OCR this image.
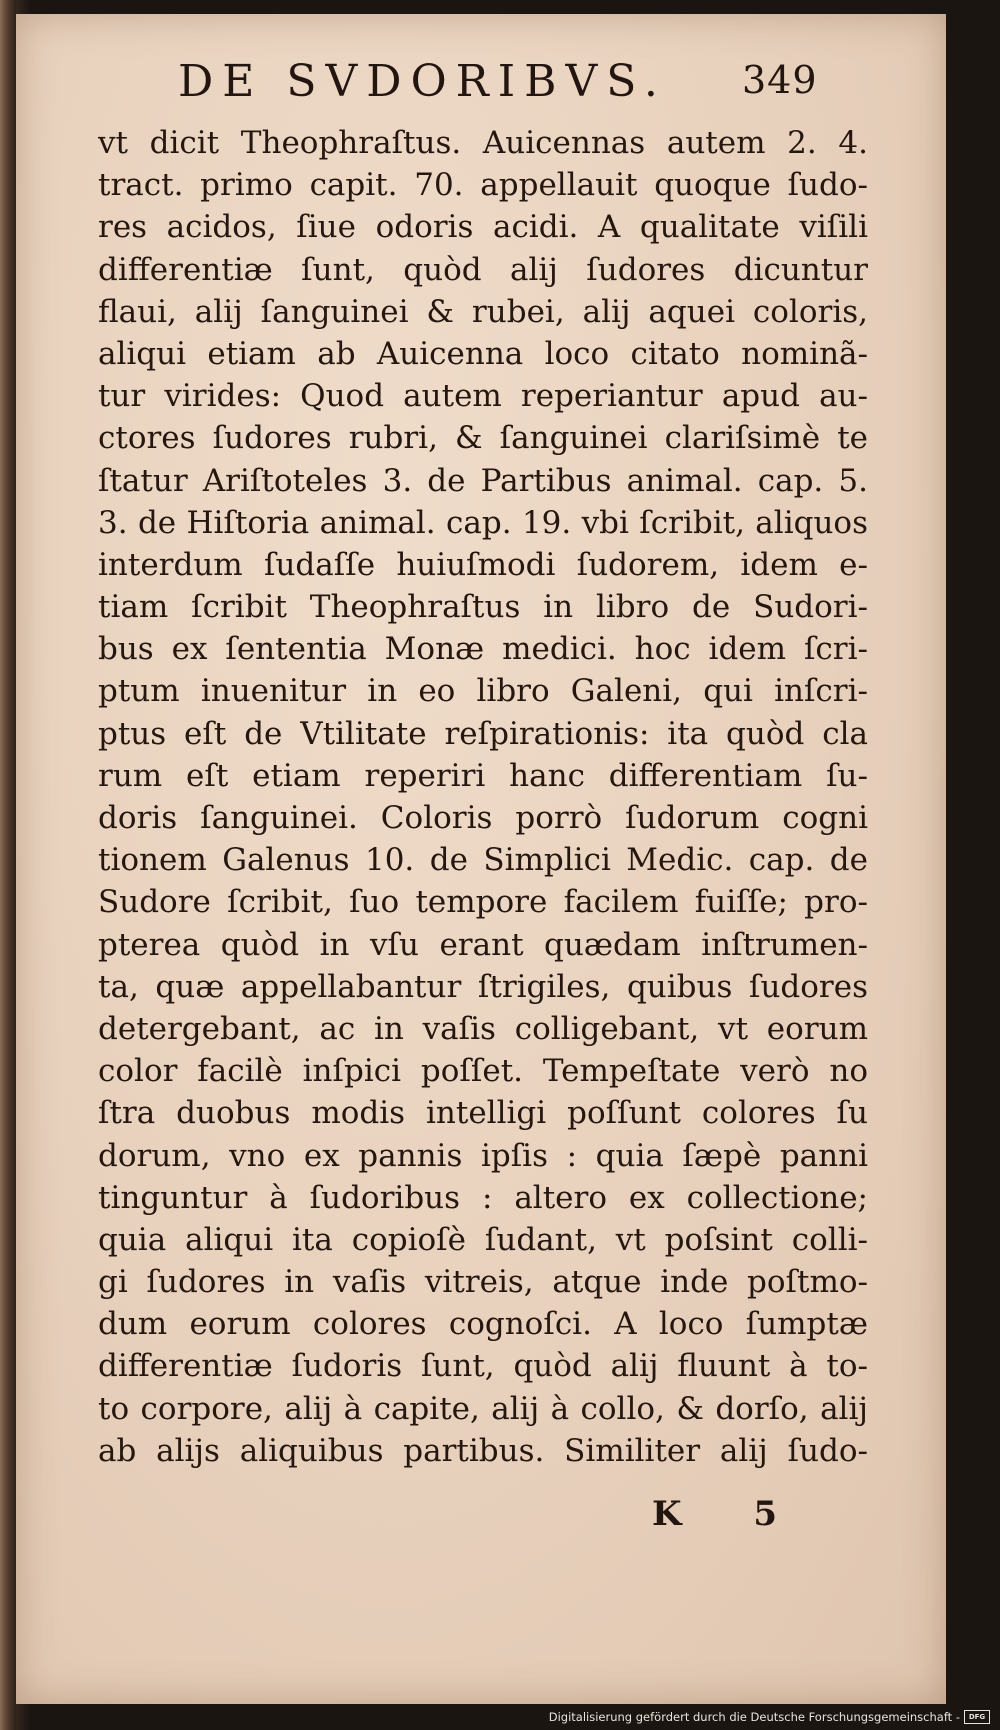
DE SVDORIBVS.	349
vt dicit Theophraſtus. Auicennas autem 2. 4.
tract. primo capit. 70. appellauit quoque ſudo-
res acidos, ſiue odoris acidi. A qualitate viſili
differentiæ ſunt, quòd alij ſudores dicuntur
flaui, alij ſanguinei & rubei, alij aquei coloris,
aliqui etiam ab Auicenna loco citato nominã-
tur virides: Quod autem reperiantur apud au-
ctores ſudores rubri, & ſanguinei clariſsimè te
ſtatur Ariſtoteles 3. de Partibus animal. cap. 5.
3. de Hiſtoria animal. cap. 19. vbi ſcribit, aliquos
interdum ſudaſſe huiuſmodi ſudorem, idem e-
tiam ſcribit Theophraſtus in libro de Sudori-
bus ex ſententia Monæ medici. hoc idem ſcri-
ptum inuenitur in eo libro Galeni, qui inſcri-
ptus eſt de Vtilitate reſpirationis: ita quòd cla
rum eſt etiam reperiri hanc differentiam ſu-
doris ſanguinei. Coloris porrò ſudorum cogni
tionem Galenus 10. de Simplici Medic. cap. de
Sudore ſcribit, ſuo tempore facilem fuiſſe; pro-
pterea quòd in vſu erant quædam inſtrumen-
ta, quæ appellabantur ſtrigiles, quibus ſudores
detergebant, ac in vaſis colligebant, vt eorum
color facilè inſpici poſſet. Tempeſtate verò no
ſtra duobus modis intelligi poſſunt colores ſu
dorum, vno ex pannis ipſis : quia ſæpè panni
tinguntur à ſudoribus : altero ex collectione;
quia aliqui ita copioſè ſudant, vt poſsint colli-
gi ſudores in vaſis vitreis, atque inde poſtmo-
dum eorum colores cognoſci. A loco ſumptæ
differentiæ ſudoris ſunt, quòd alij fluunt à to-
to corpore, alij à capite, alij à collo, & dorſo, alij
ab alijs aliquibus partibus. Similiter alij ſudo-
K 5
Digitalisierung gefördert durch die Deutsche Forschungsgemeinschaft - DFG
